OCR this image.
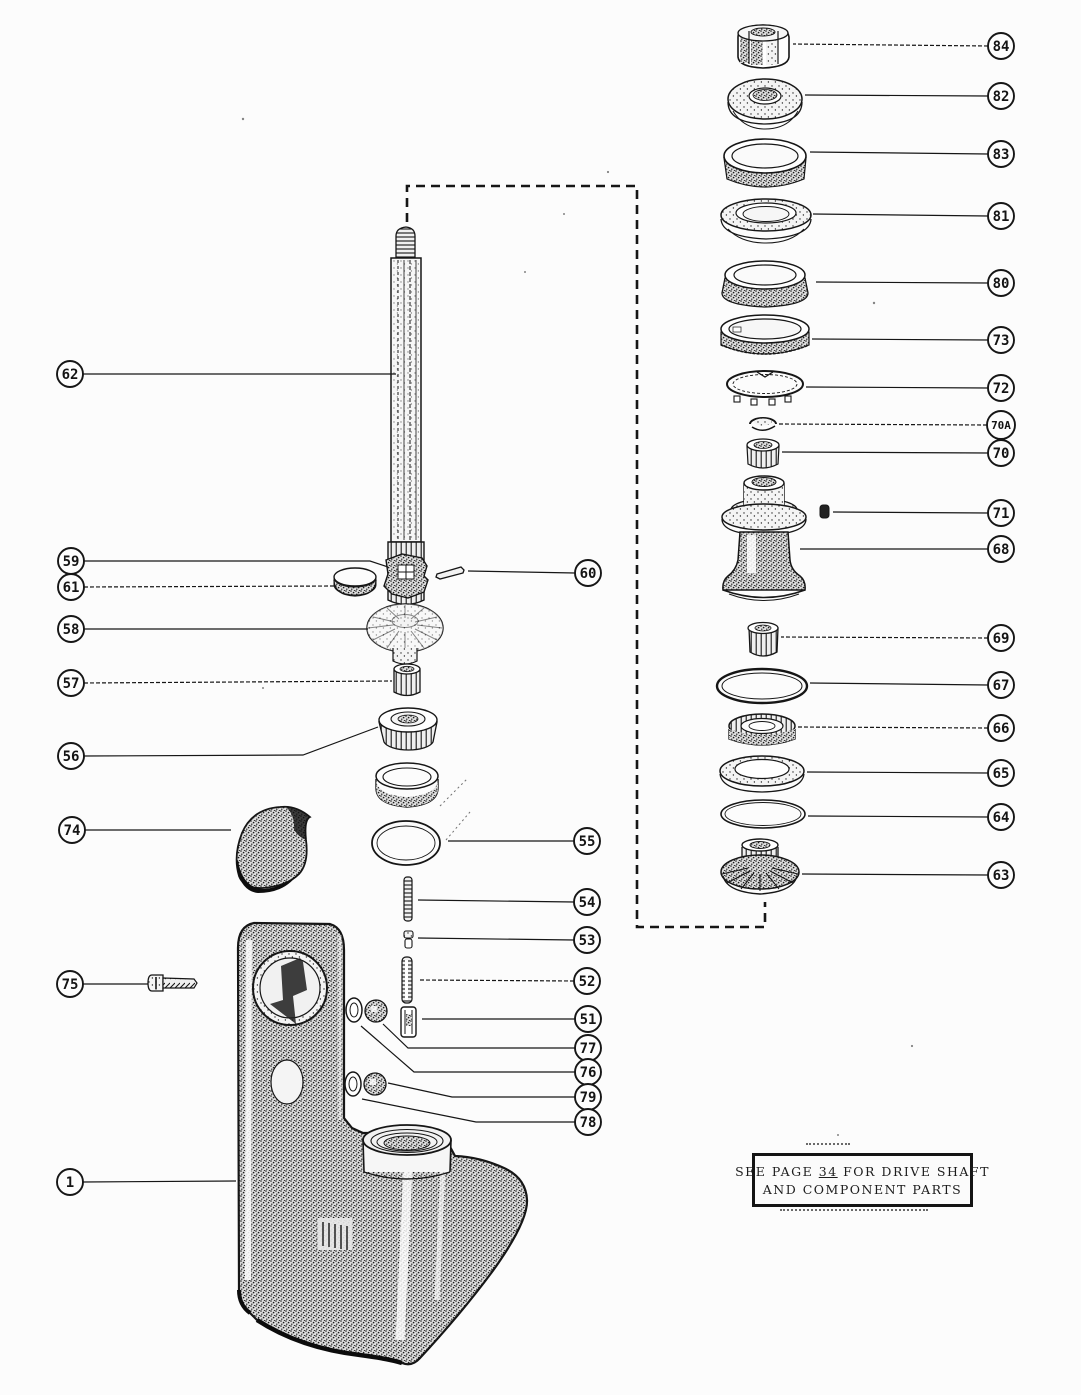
84
82
83
81
80
73
72
70A
70
71
68
69
67
66
65
64
63
62
59
61
58
57
56
74
75
1
60
55
54
53
52
51
77
76
79
78
SEE PAGE 34 FOR DRIVE SHAFT
AND COMPONENT PARTS
